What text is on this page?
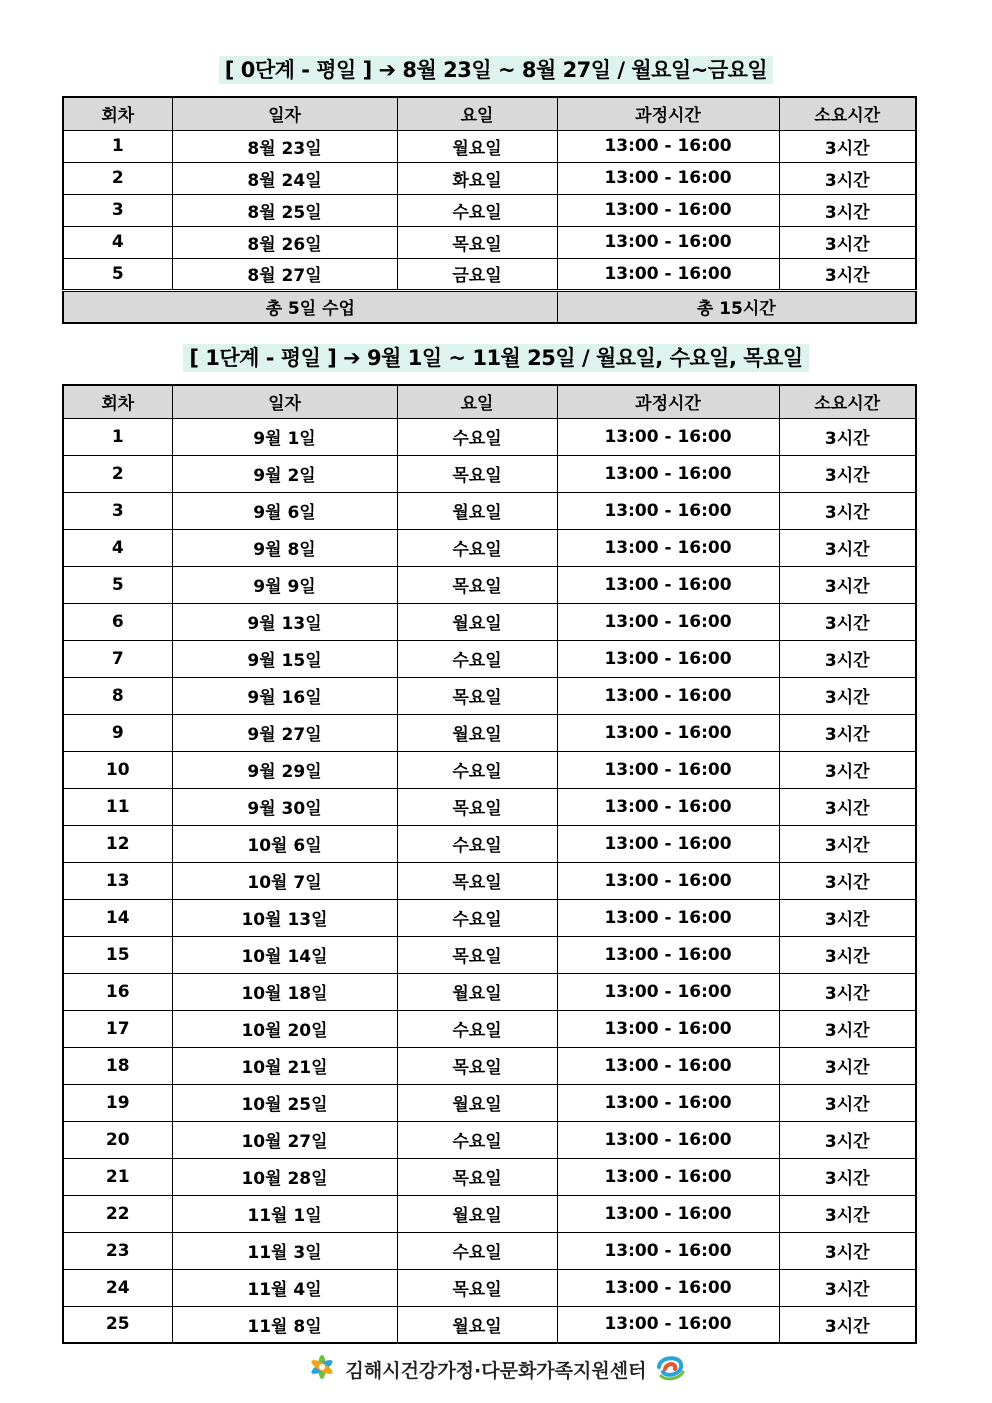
[ 0단계 - 평일 ] ➔ 8월 23일 ~ 8월 27일 / 월요일~금요일
회차	일자	요일	과정시간	소요시간
1	8월 23일	월요일	13:00 - 16:00	3시간
2	8월 24일	화요일	13:00 - 16:00	3시간
3	8월 25일	수요일	13:00 - 16:00	3시간
4	8월 26일	목요일	13:00 - 16:00	3시간
5	8월 27일	금요일	13:00 - 16:00	3시간
총 5일 수업			총 15시간	
[ 1단계 - 평일 ] ➔ 9월 1일 ~ 11월 25일 / 월요일, 수요일, 목요일
회차	일자	요일	과정시간	소요시간
1	9월 1일	수요일	13:00 - 16:00	3시간
2	9월 2일	목요일	13:00 - 16:00	3시간
3	9월 6일	월요일	13:00 - 16:00	3시간
4	9월 8일	수요일	13:00 - 16:00	3시간
5	9월 9일	목요일	13:00 - 16:00	3시간
6	9월 13일	월요일	13:00 - 16:00	3시간
7	9월 15일	수요일	13:00 - 16:00	3시간
8	9월 16일	목요일	13:00 - 16:00	3시간
9	9월 27일	월요일	13:00 - 16:00	3시간
10	9월 29일	수요일	13:00 - 16:00	3시간
11	9월 30일	목요일	13:00 - 16:00	3시간
12	10월 6일	수요일	13:00 - 16:00	3시간
13	10월 7일	목요일	13:00 - 16:00	3시간
14	10월 13일	수요일	13:00 - 16:00	3시간
15	10월 14일	목요일	13:00 - 16:00	3시간
16	10월 18일	월요일	13:00 - 16:00	3시간
17	10월 20일	수요일	13:00 - 16:00	3시간
18	10월 21일	목요일	13:00 - 16:00	3시간
19	10월 25일	월요일	13:00 - 16:00	3시간
20	10월 27일	수요일	13:00 - 16:00	3시간
21	10월 28일	목요일	13:00 - 16:00	3시간
22	11월 1일	월요일	13:00 - 16:00	3시간
23	11월 3일	수요일	13:00 - 16:00	3시간
24	11월 4일	목요일	13:00 - 16:00	3시간
25	11월 8일	월요일	13:00 - 16:00	3시간
김해시건강가정·다문화가족지원센터
